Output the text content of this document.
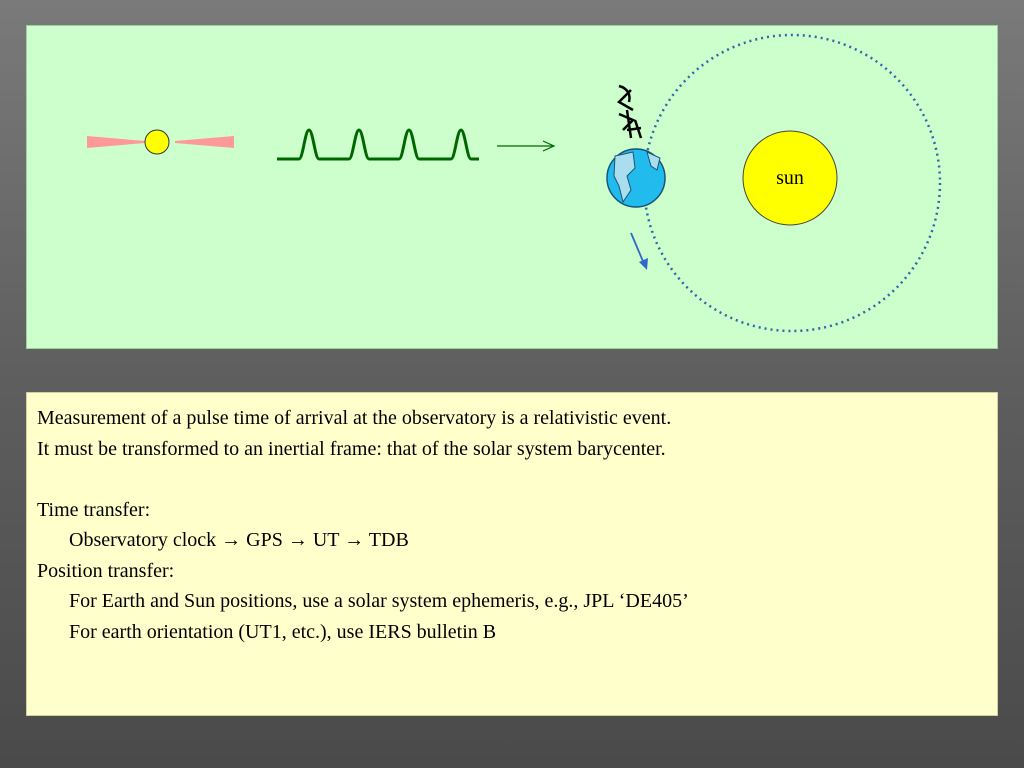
sun
Measurement of a pulse time of arrival at the observatory is a relativistic event.
It must be transformed to an inertial frame: that of the solar system barycenter.
Time transfer:
Observatory clock → GPS → UT → TDB
Position transfer:
For Earth and Sun positions, use a solar system ephemeris, e.g., JPL ‘DE405’
For earth orientation (UT1, etc.), use IERS bulletin B
